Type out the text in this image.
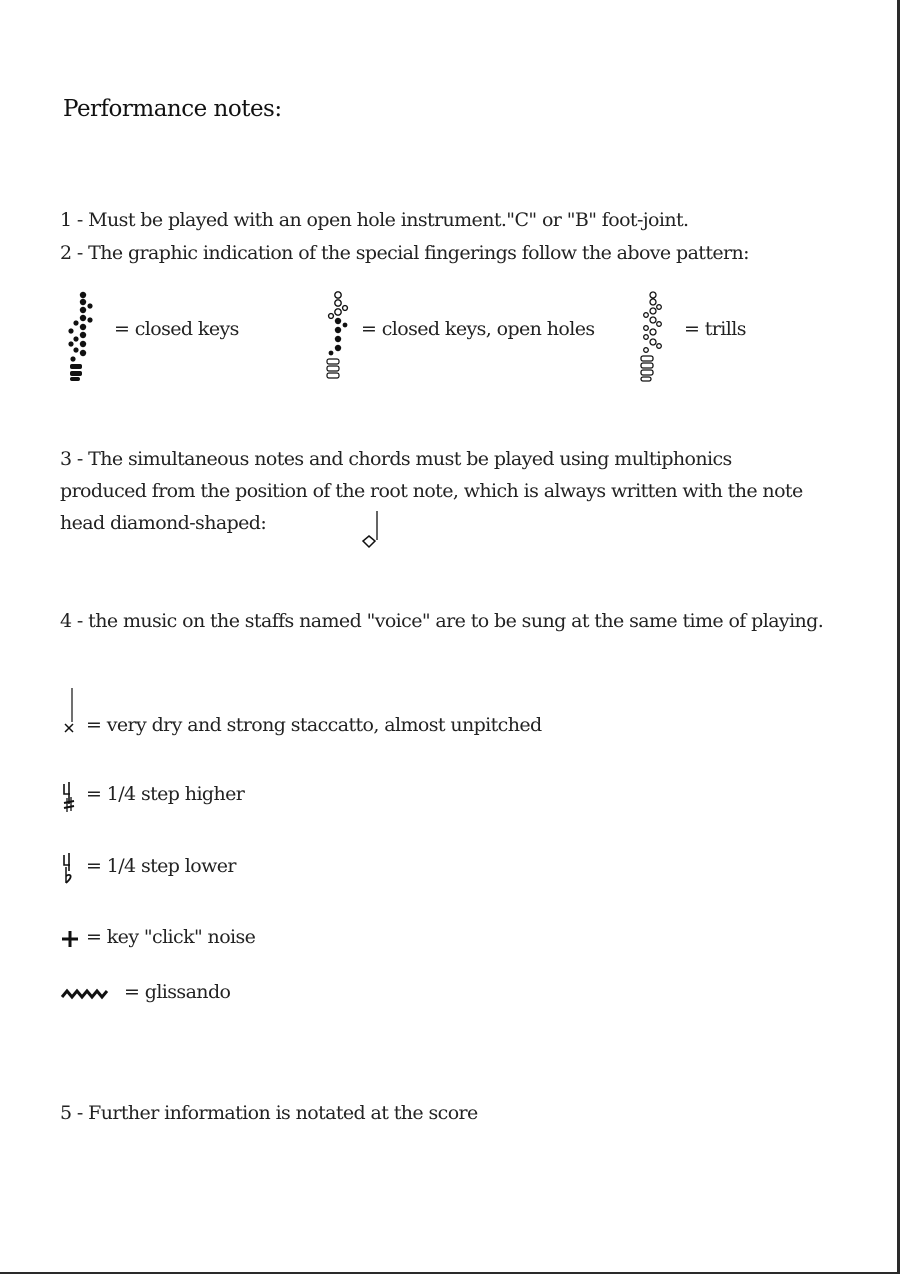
Performance notes:
1 - Must be played with an open hole instrument."C" or "B" foot-joint.
2 - The graphic indication of the special fingerings follow the above pattern:
= closed keys	= closed keys, open holes	= trills
3 - The simultaneous notes and chords must be played using multiphonics
produced from the position of the root note, which is always written with the note
head diamond-shaped:
4 - the music on the staffs named "voice" are to be sung at the same time of playing.
= very dry and strong staccatto, almost unpitched
= 1/4 step higher
= 1/4 step lower
= key "click" noise
= glissando
5 - Further information is notated at the score
